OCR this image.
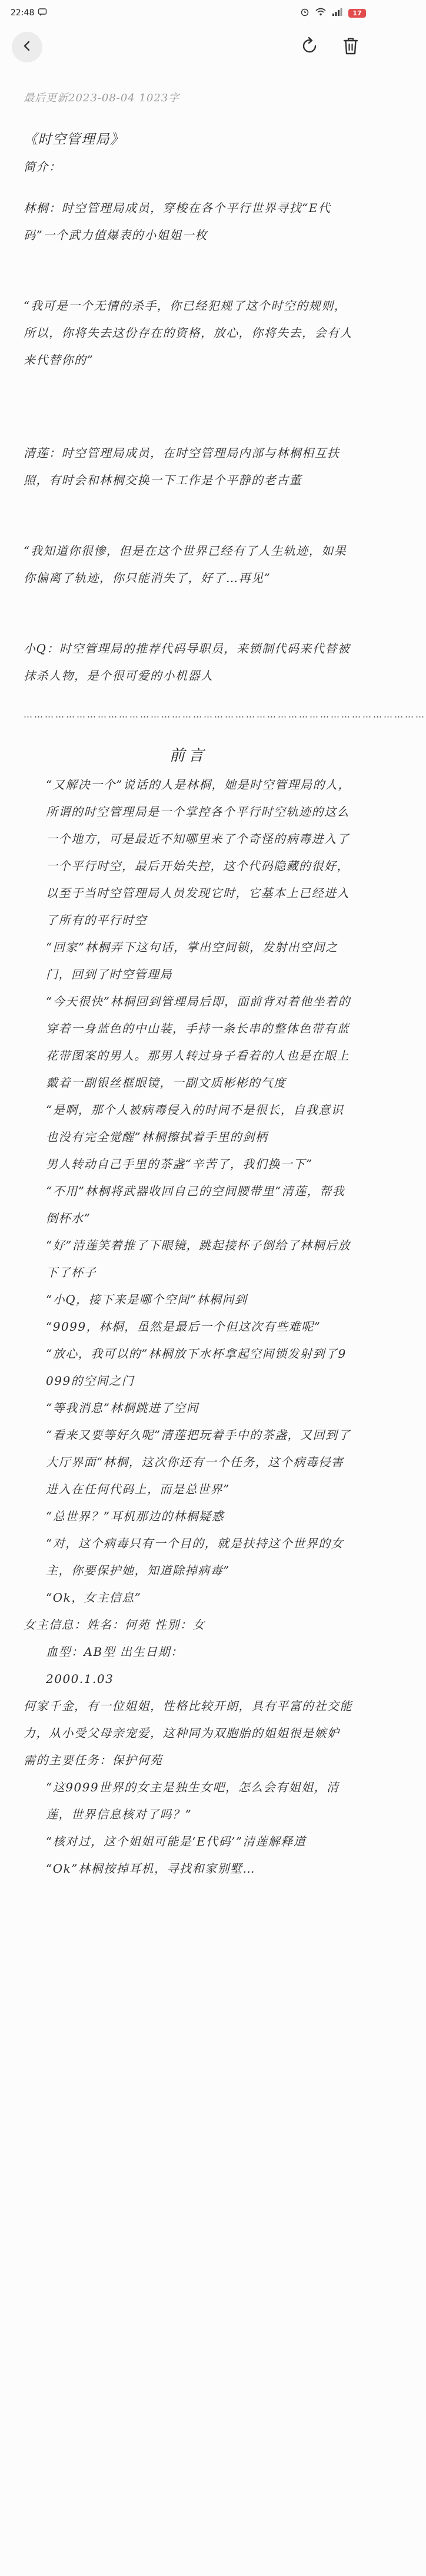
22:48	17
最后更新2023-08-04 1023字

《时空管理局》

简介：

林桐：时空管理局成员，穿梭在各个平行世界寻找“E代码”一个武力值爆表的小姐姐一枚

“我可是一个无情的杀手，你已经犯规了这个时空的规则，所以，你将失去这份存在的资格，放心，你将失去，会有人来代替你的”

清莲：时空管理局成员，在时空管理局内部与林桐相互扶照，有时会和林桐交换一下工作是个平静的老古董

“我知道你很惨，但是在这个世界已经有了人生轨迹，如果你偏离了轨迹，你只能消失了，好了…再见”

小Q：时空管理局的推荐代码导职员，来锁制代码来代替被抹杀人物，是个很可爱的小机器人

……………………………………………………………………………………………………
前言

“又解决一个”说话的人是林桐，她是时空管理局的人，所谓的时空管理局是一个掌控各个平行时空轨迹的这么一个地方，可是最近不知哪里来了个奇怪的病毒进入了一个平行时空，最后开始失控，这个代码隐藏的很好，以至于当时空管理局人员发现它时，它基本上已经进入了所有的平行时空

“回家”林桐弄下这句话，掌出空间锁，发射出空间之门，回到了时空管理局

“今天很快”林桐回到管理局后即，面前背对着他坐着的穿着一身蓝色的中山装，手持一条长串的整体色带有蓝花带图案的男人。那男人转过身子看着的人也是在眼上戴着一副银丝框眼镜，一副文质彬彬的气度

“是啊，那个人被病毒侵入的时间不是很长，自我意识也没有完全觉醒”林桐擦拭着手里的剑柄

男人转动自己手里的茶盏“辛苦了，我们换一下”

“不用”林桐将武器收回自己的空间腰带里“清莲，帮我倒杯水”

“好”清莲笑着推了下眼镜，跳起接杯子倒给了林桐后放下了杯子

“小Q，接下来是哪个空间”林桐问到

“9099，林桐，虽然是最后一个但这次有些难呢”

“放心，我可以的”林桐放下水杯拿起空间锁发射到了9099的空间之门

“等我消息”林桐跳进了空间

“看来又要等好久呢”清莲把玩着手中的茶盏，又回到了大厅界面“林桐，这次你还有一个任务，这个病毒侵害进入在任何代码上，而是总世界”

“总世界？”耳机那边的林桐疑惑

“对，这个病毒只有一个目的，就是扶持这个世界的女主，你要保护她，知道除掉病毒”

“Ok，女主信息”

女主信息：姓名：何苑 性别：女

血型：AB型 出生日期：

2000.1.03

何家千金，有一位姐姐，性格比较开朗，具有平富的社交能力，从小受父母亲宠爱，这种同为双胞胎的姐姐很是嫉妒

需的主要任务：保护何苑

“这9099世界的女主是独生女吧，怎么会有姐姐，清莲，世界信息核对了吗？”

“核对过，这个姐姐可能是‘E代码’”清莲解释道

“Ok”林桐按掉耳机，寻找和家别墅…
